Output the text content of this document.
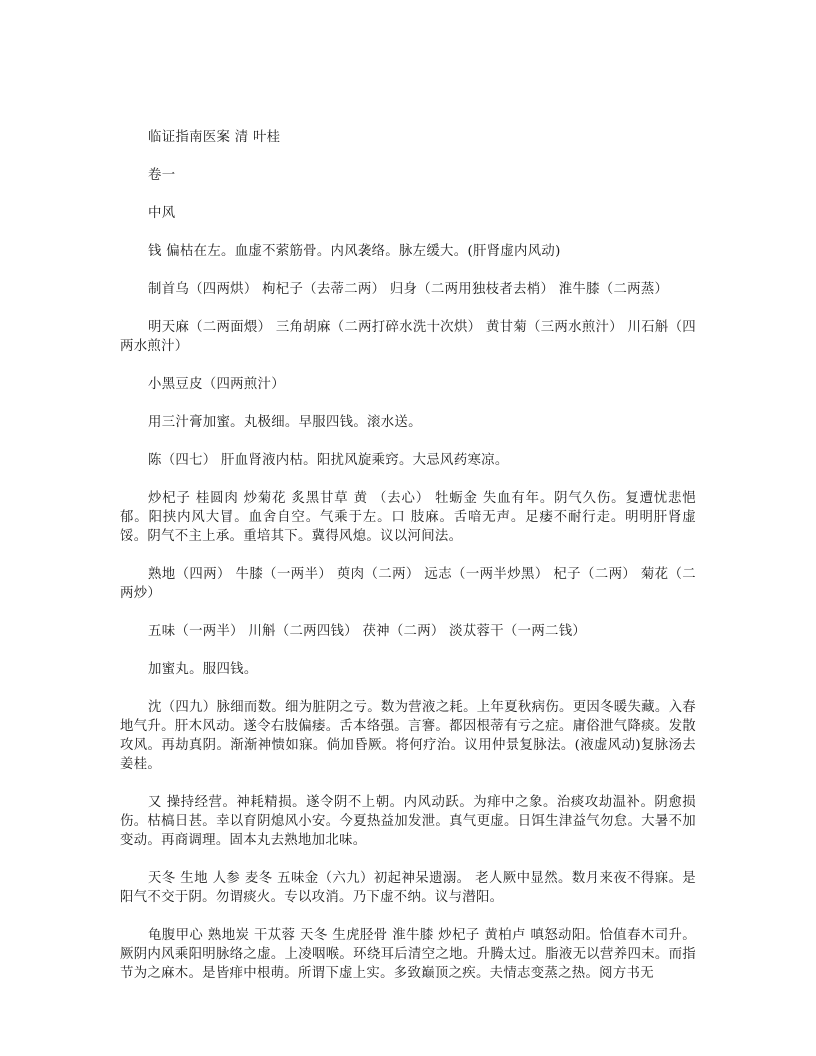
临证指南医案 清 叶桂

卷一

中风

钱 偏枯在左。血虚不萦筋骨。内风袭络。脉左缓大。(肝肾虚内风动)

制首乌（四两烘） 枸杞子（去蒂二两） 归身（二两用独枝者去梢） 淮牛膝（二两蒸）

明天麻（二两面煨） 三角胡麻（二两打碎水洗十次烘） 黄甘菊（三两水煎汁） 川石斛（四两水煎汁）

小黑豆皮（四两煎汁）

用三汁膏加蜜。丸极细。早服四钱。滚水送。

陈（四七） 肝血肾液内枯。阳扰风旋乘窍。大忌风药寒凉。

炒杞子 桂圆肉 炒菊花 炙黑甘草 黄 （去心） 牡蛎金 失血有年。阴气久伤。复遭忧悲悒郁。阳挟内风大冒。血舍自空。气乘于左。口 肢麻。舌喑无声。足痿不耐行走。明明肝肾虚馁。阴气不主上承。重培其下。冀得风熄。议以河间法。

熟地（四两） 牛膝（一两半） 萸肉（二两） 远志（一两半炒黑） 杞子（二两） 菊花（二两炒）

五味（一两半） 川斛（二两四钱） 茯神（二两） 淡苁蓉干（一两二钱）

加蜜丸。服四钱。

沈（四九）脉细而数。细为脏阴之亏。数为营液之耗。上年夏秋病伤。更因冬暖失藏。入春地气升。肝木风动。遂令右肢偏痿。舌本络强。言謇。都因根蒂有亏之症。庸俗泄气降痰。发散攻风。再劫真阴。渐渐神愦如寐。倘加昏厥。将何疗治。议用仲景复脉法。(液虚风动)复脉汤去姜桂。

又 操持经营。神耗精损。遂令阴不上朝。内风动跃。为痱中之象。治痰攻劫温补。阴愈损伤。枯槁日甚。幸以育阴熄风小安。今夏热益加发泄。真气更虚。日饵生津益气勿怠。大暑不加变动。再商调理。固本丸去熟地加北味。

天冬 生地 人参 麦冬 五味金（六九）初起神呆遗溺。 老人厥中显然。数月来夜不得寐。是阳气不交于阴。勿谓痰火。专以攻消。乃下虚不纳。议与潜阳。

龟腹甲心 熟地炭 干苁蓉 天冬 生虎胫骨 淮牛膝 炒杞子 黄柏卢 嗔怒动阳。恰值春木司升。厥阴内风乘阳明脉络之虚。上凌咽喉。环绕耳后清空之地。升腾太过。脂液无以营养四末。而指节为之麻木。是皆痱中根萌。所谓下虚上实。多致巅顶之疾。夫情志变蒸之热。阅方书无
